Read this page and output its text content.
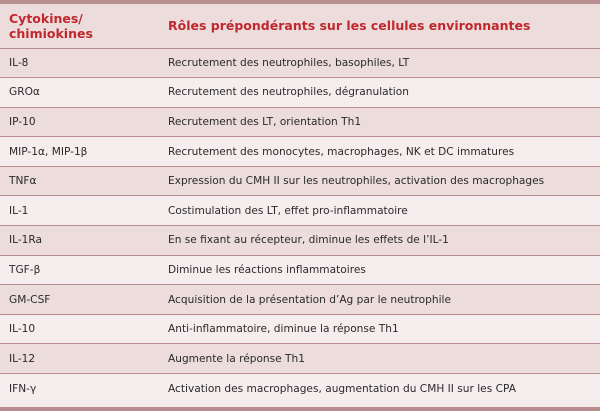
Cytokines/
chimiokines	Rôles prépondérants sur les cellules environnantes
IL-8	Recrutement des neutrophiles, basophiles, LT
GROα	Recrutement des neutrophiles, dégranulation
IP-10	Recrutement des LT, orientation Th1
MIP-1α, MIP-1β	Recrutement des monocytes, macrophages, NK et DC immatures
TNFα	Expression du CMH II sur les neutrophiles, activation des macrophages
IL-1	Costimulation des LT, effet pro-inflammatoire
IL-1Ra	En se fixant au récepteur, diminue les effets de l’IL-1
TGF-β	Diminue les réactions inflammatoires
GM-CSF	Acquisition de la présentation d’Ag par le neutrophile
IL-10	Anti-inflammatoire, diminue la réponse Th1
IL-12	Augmente la réponse Th1
IFN-γ	Activation des macrophages, augmentation du CMH II sur les CPA
